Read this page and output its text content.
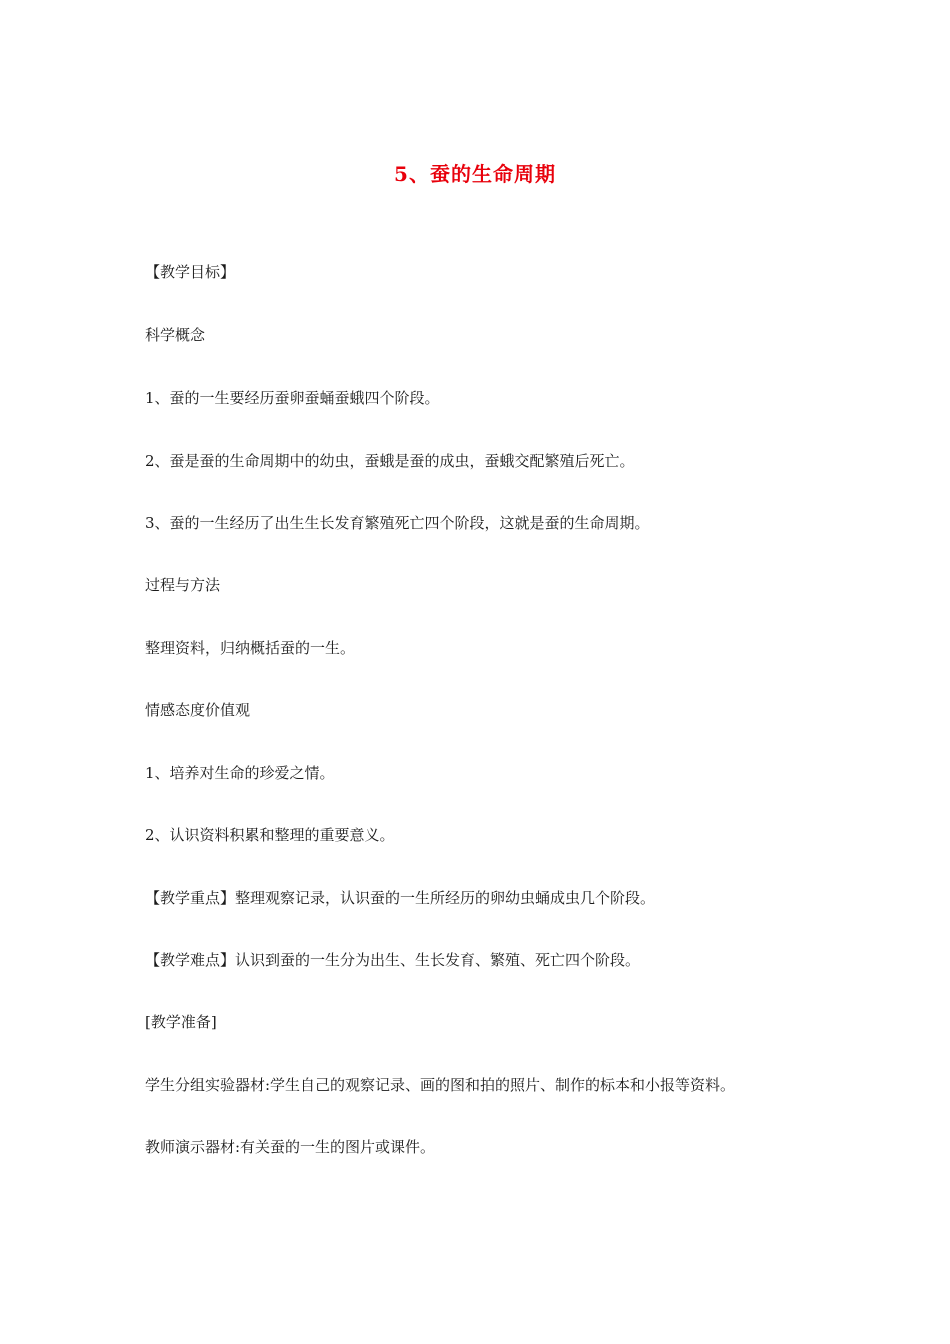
5、蚕的生命周期

【教学目标】

科学概念

1、蚕的一生要经历蚕卵蚕蛹蚕蛾四个阶段。

2、蚕是蚕的生命周期中的幼虫，蚕蛾是蚕的成虫，蚕蛾交配繁殖后死亡。

3、蚕的一生经历了出生生长发育繁殖死亡四个阶段，这就是蚕的生命周期。

过程与方法

整理资料，归纳概括蚕的一生。

情感态度价值观

1、培养对生命的珍爱之情。

2、认识资料积累和整理的重要意义。

【教学重点】整理观察记录，认识蚕的一生所经历的卵幼虫蛹成虫几个阶段。

【教学难点】认识到蚕的一生分为出生、生长发育、繁殖、死亡四个阶段。

[教学准备]

学生分组实验器材:学生自己的观察记录、画的图和拍的照片、制作的标本和小报等资料。

教师演示器材:有关蚕的一生的图片或课件。
